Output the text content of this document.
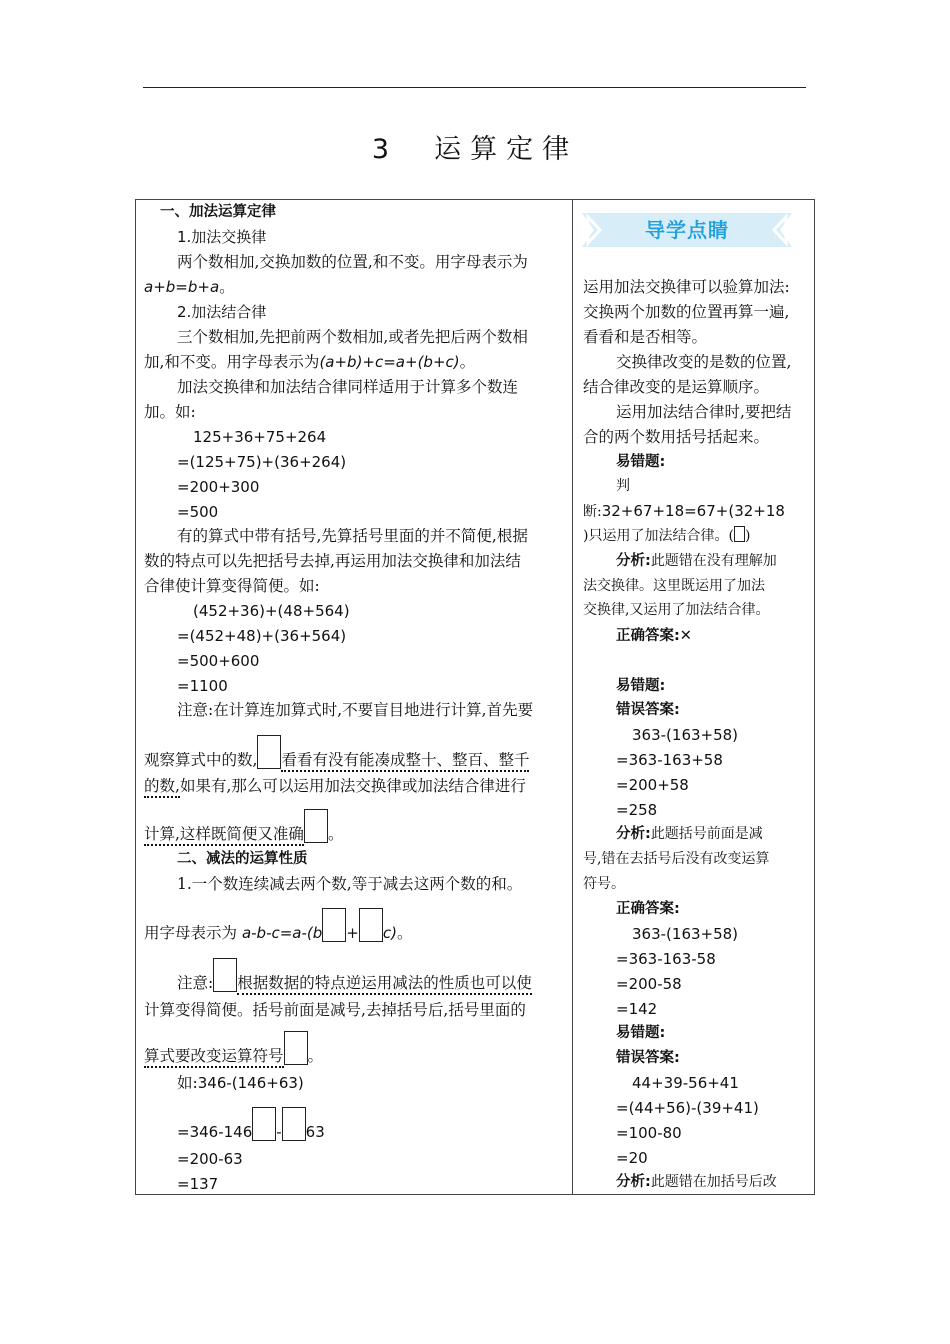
3　运算定律
一、加法运算定律
1.加法交换律
两个数相加,交换加数的位置,和不变。用字母表示为
a+b=b+a。
2.加法结合律
三个数相加,先把前两个数相加,或者先把后两个数相
加,和不变。用字母表示为(a+b)+c=a+(b+c)。
加法交换律和加法结合律同样适用于计算多个数连
加。如:
125+36+75+264
=(125+75)+(36+264)
=200+300
=500
有的算式中带有括号,先算括号里面的并不简便,根据
数的特点可以先把括号去掉,再运用加法交换律和加法结
合律使计算变得简便。如:
(452+36)+(48+564)
=(452+48)+(36+564)
=500+600
=1100
注意:在计算连加算式时,不要盲目地进行计算,首先要
观察算式中的数, 看看有没有能凑成整十、整百、整千
的数,如果有,那么可以运用加法交换律或加法结合律进行
计算,这样既简便又准确 。
二、减法的运算性质
1.一个数连续减去两个数,等于减去这两个数的和。
用字母表示为 a-b-c=a-(b + c)。
注意: 根据数据的特点逆运用减法的性质也可以使
计算变得简便。括号前面是减号,去掉括号后,括号里面的
算式要改变运算符号 。
如:346-(146+63)
=346-146 - 63
=200-63
=137
导学点睛
运用加法交换律可以验算加法:
交换两个加数的位置再算一遍,
看看和是否相等。
交换律改变的是数的位置,
结合律改变的是运算顺序。
运用加法结合律时,要把结
合的两个数用括号括起来。
易错题:
判
断:32+67+18=67+(32+18
)只运用了加法结合律。( )
分析:此题错在没有理解加
法交换律。这里既运用了加法
交换律,又运用了加法结合律。
正确答案:✕
易错题:
错误答案:
363-(163+58)
=363-163+58
=200+58
=258
分析:此题括号前面是减
号,错在去括号后没有改变运算
符号。
正确答案:
363-(163+58)
=363-163-58
=200-58
=142
易错题:
错误答案:
44+39-56+41
=(44+56)-(39+41)
=100-80
=20
分析:此题错在加括号后改
